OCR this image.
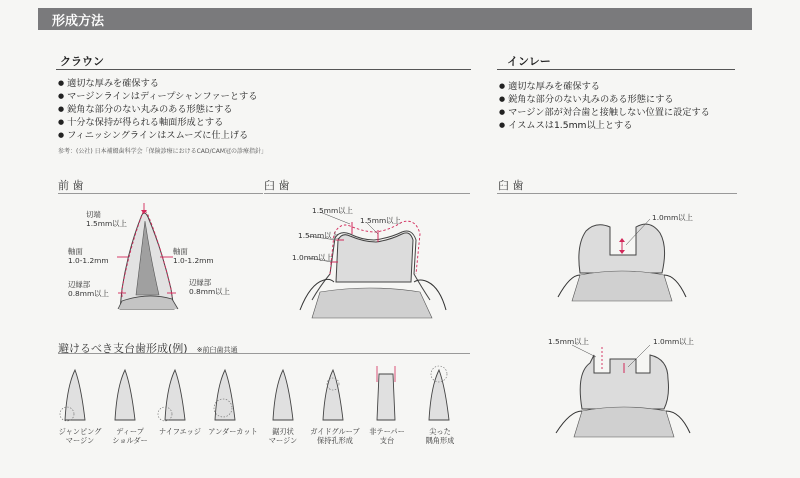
形成方法
クラウン
● 適切な厚みを確保する
● マージンラインはディープシャンファーとする
● 鋭角な部分のない丸みのある形態にする
● 十分な保持が得られる軸面形成とする
● フィニッシングラインはスムーズに仕上げる
参考：(公社) 日本補綴歯科学会「保険診療におけるCAD/CAM冠の診療指針」
インレー
● 適切な厚みを確保する
● 鋭角な部分のない丸みのある形態にする
● マージン部が対合歯と接触しない位置に設定する
● イスムスは1.5mm以上とする
前 歯
切端
1.5mm以上
軸面
1.0-1.2mm
軸面
1.0-1.2mm
辺縁部
0.8mm以上
辺縁部
0.8mm以上
臼 歯
1.5mm以上
1.5mm以上
1.5mm以上
1.0mm以上
臼 歯
1.0mm以上
1.5mm以上	1.0mm以上
避けるべき支台歯形成(例) ※前臼歯共通
ジャンピング
マージン
ディープ
ショルダー
ナイフエッジ	アンダーカット	鋸刃状
マージン
ガイドグルーブ
保持孔形成
非テーパー
支台
尖った
隅角形成
